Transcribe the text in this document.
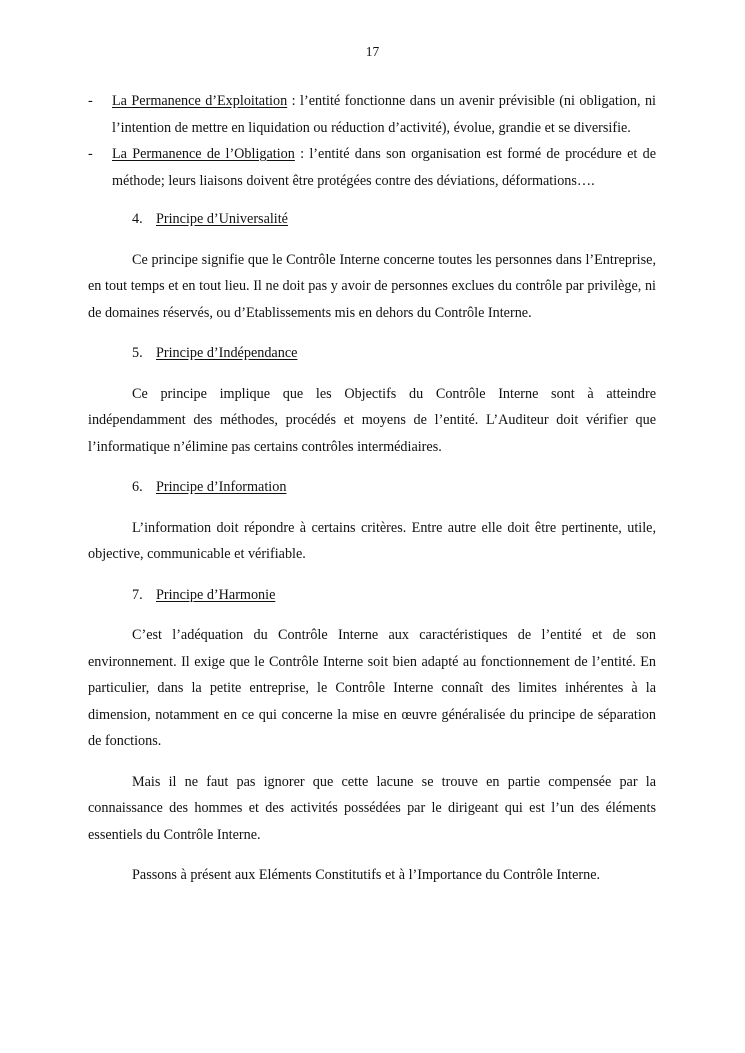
17
- La Permanence d’Exploitation : l’entité fonctionne dans un avenir prévisible (ni obligation, ni l’intention de mettre en liquidation ou réduction d’activité), évolue, grandie et se diversifie.
- La Permanence de l’Obligation : l’entité dans son organisation est formé de procédure et de méthode; leurs liaisons doivent être protégées contre des déviations, déformations….
4. Principe d’Universalité

Ce principe signifie que le Contrôle Interne concerne toutes les personnes dans l’Entreprise, en tout temps et en tout lieu. Il ne doit pas y avoir de personnes exclues du contrôle par privilège, ni de domaines réservés, ou d’Etablissements mis en dehors du Contrôle Interne.

5. Principe d’Indépendance

Ce principe implique que les Objectifs du Contrôle Interne sont à atteindre indépendamment des méthodes, procédés et moyens de l’entité. L’Auditeur doit vérifier que l’informatique n’élimine pas certains contrôles intermédiaires.

6. Principe d’Information

L’information doit répondre à certains critères. Entre autre elle doit être pertinente, utile, objective, communicable et vérifiable.

7. Principe d’Harmonie

C’est l’adéquation du Contrôle Interne aux caractéristiques de l’entité et de son environnement. Il exige que le Contrôle Interne soit bien adapté au fonctionnement de l’entité. En particulier, dans la petite entreprise, le Contrôle Interne connaît des limites inhérentes à la dimension, notamment en ce qui concerne la mise en œuvre généralisée du principe de séparation de fonctions.

Mais il ne faut pas ignorer que cette lacune se trouve en partie compensée par la connaissance des hommes et des activités possédées par le dirigeant qui est l’un des éléments essentiels du Contrôle Interne.

Passons à présent aux Eléments Constitutifs et à l’Importance du Contrôle Interne.
